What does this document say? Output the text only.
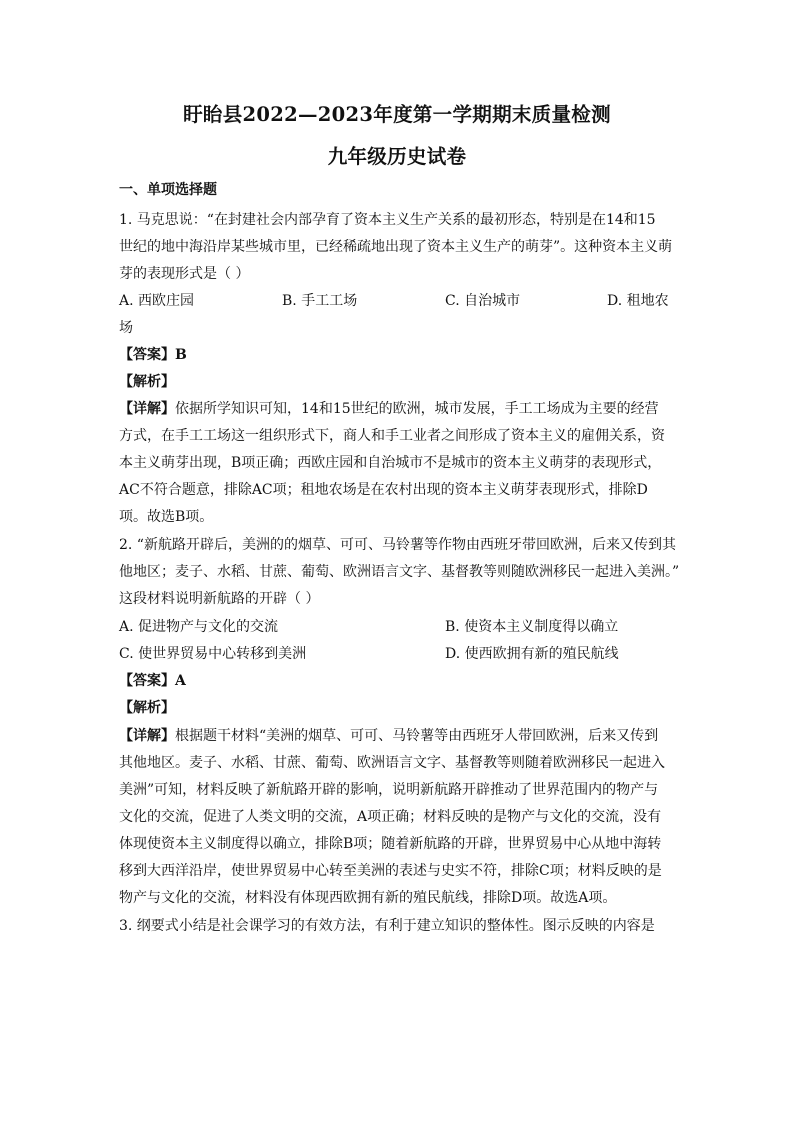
盱眙县2022—2023年度第一学期期末质量检测
九年级历史试卷
一、单项选择题
1. 马克思说：“在封建社会内部孕育了资本主义生产关系的最初形态，特别是在14和15
世纪的地中海沿岸某些城市里，已经稀疏地出现了资本主义生产的萌芽”。这种资本主义萌
芽的表现形式是（ ）
A. 西欧庄园	B. 手工工场	C. 自治城市	D. 租地农
场
【答案】B
【解析】
【详解】依据所学知识可知，14和15世纪的欧洲，城市发展，手工工场成为主要的经营
方式，在手工工场这一组织形式下，商人和手工业者之间形成了资本主义的雇佣关系，资
本主义萌芽出现，B项正确；西欧庄园和自治城市不是城市的资本主义萌芽的表现形式，
AC不符合题意，排除AC项；租地农场是在农村出现的资本主义萌芽表现形式，排除D
项。故选B项。
2. “新航路开辟后，美洲的的烟草、可可、马铃薯等作物由西班牙带回欧洲，后来又传到其
他地区；麦子、水稻、甘蔗、葡萄、欧洲语言文字、基督教等则随欧洲移民一起进入美洲。”
这段材料说明新航路的开辟（ ）
A. 促进物产与文化的交流	B. 使资本主义制度得以确立
C. 使世界贸易中心转移到美洲	D. 使西欧拥有新的殖民航线
【答案】A
【解析】
【详解】根据题干材料“美洲的烟草、可可、马铃薯等由西班牙人带回欧洲，后来又传到
其他地区。麦子、水稻、甘蔗、葡萄、欧洲语言文字、基督教等则随着欧洲移民一起进入
美洲”可知，材料反映了新航路开辟的影响，说明新航路开辟推动了世界范围内的物产与
文化的交流，促进了人类文明的交流，A项正确；材料反映的是物产与文化的交流，没有
体现使资本主义制度得以确立，排除B项；随着新航路的开辟，世界贸易中心从地中海转
移到大西洋沿岸，使世界贸易中心转至美洲的表述与史实不符，排除C项；材料反映的是
物产与文化的交流，材料没有体现西欧拥有新的殖民航线，排除D项。故选A项。
3. 纲要式小结是社会课学习的有效方法，有利于建立知识的整体性。图示反映的内容是
